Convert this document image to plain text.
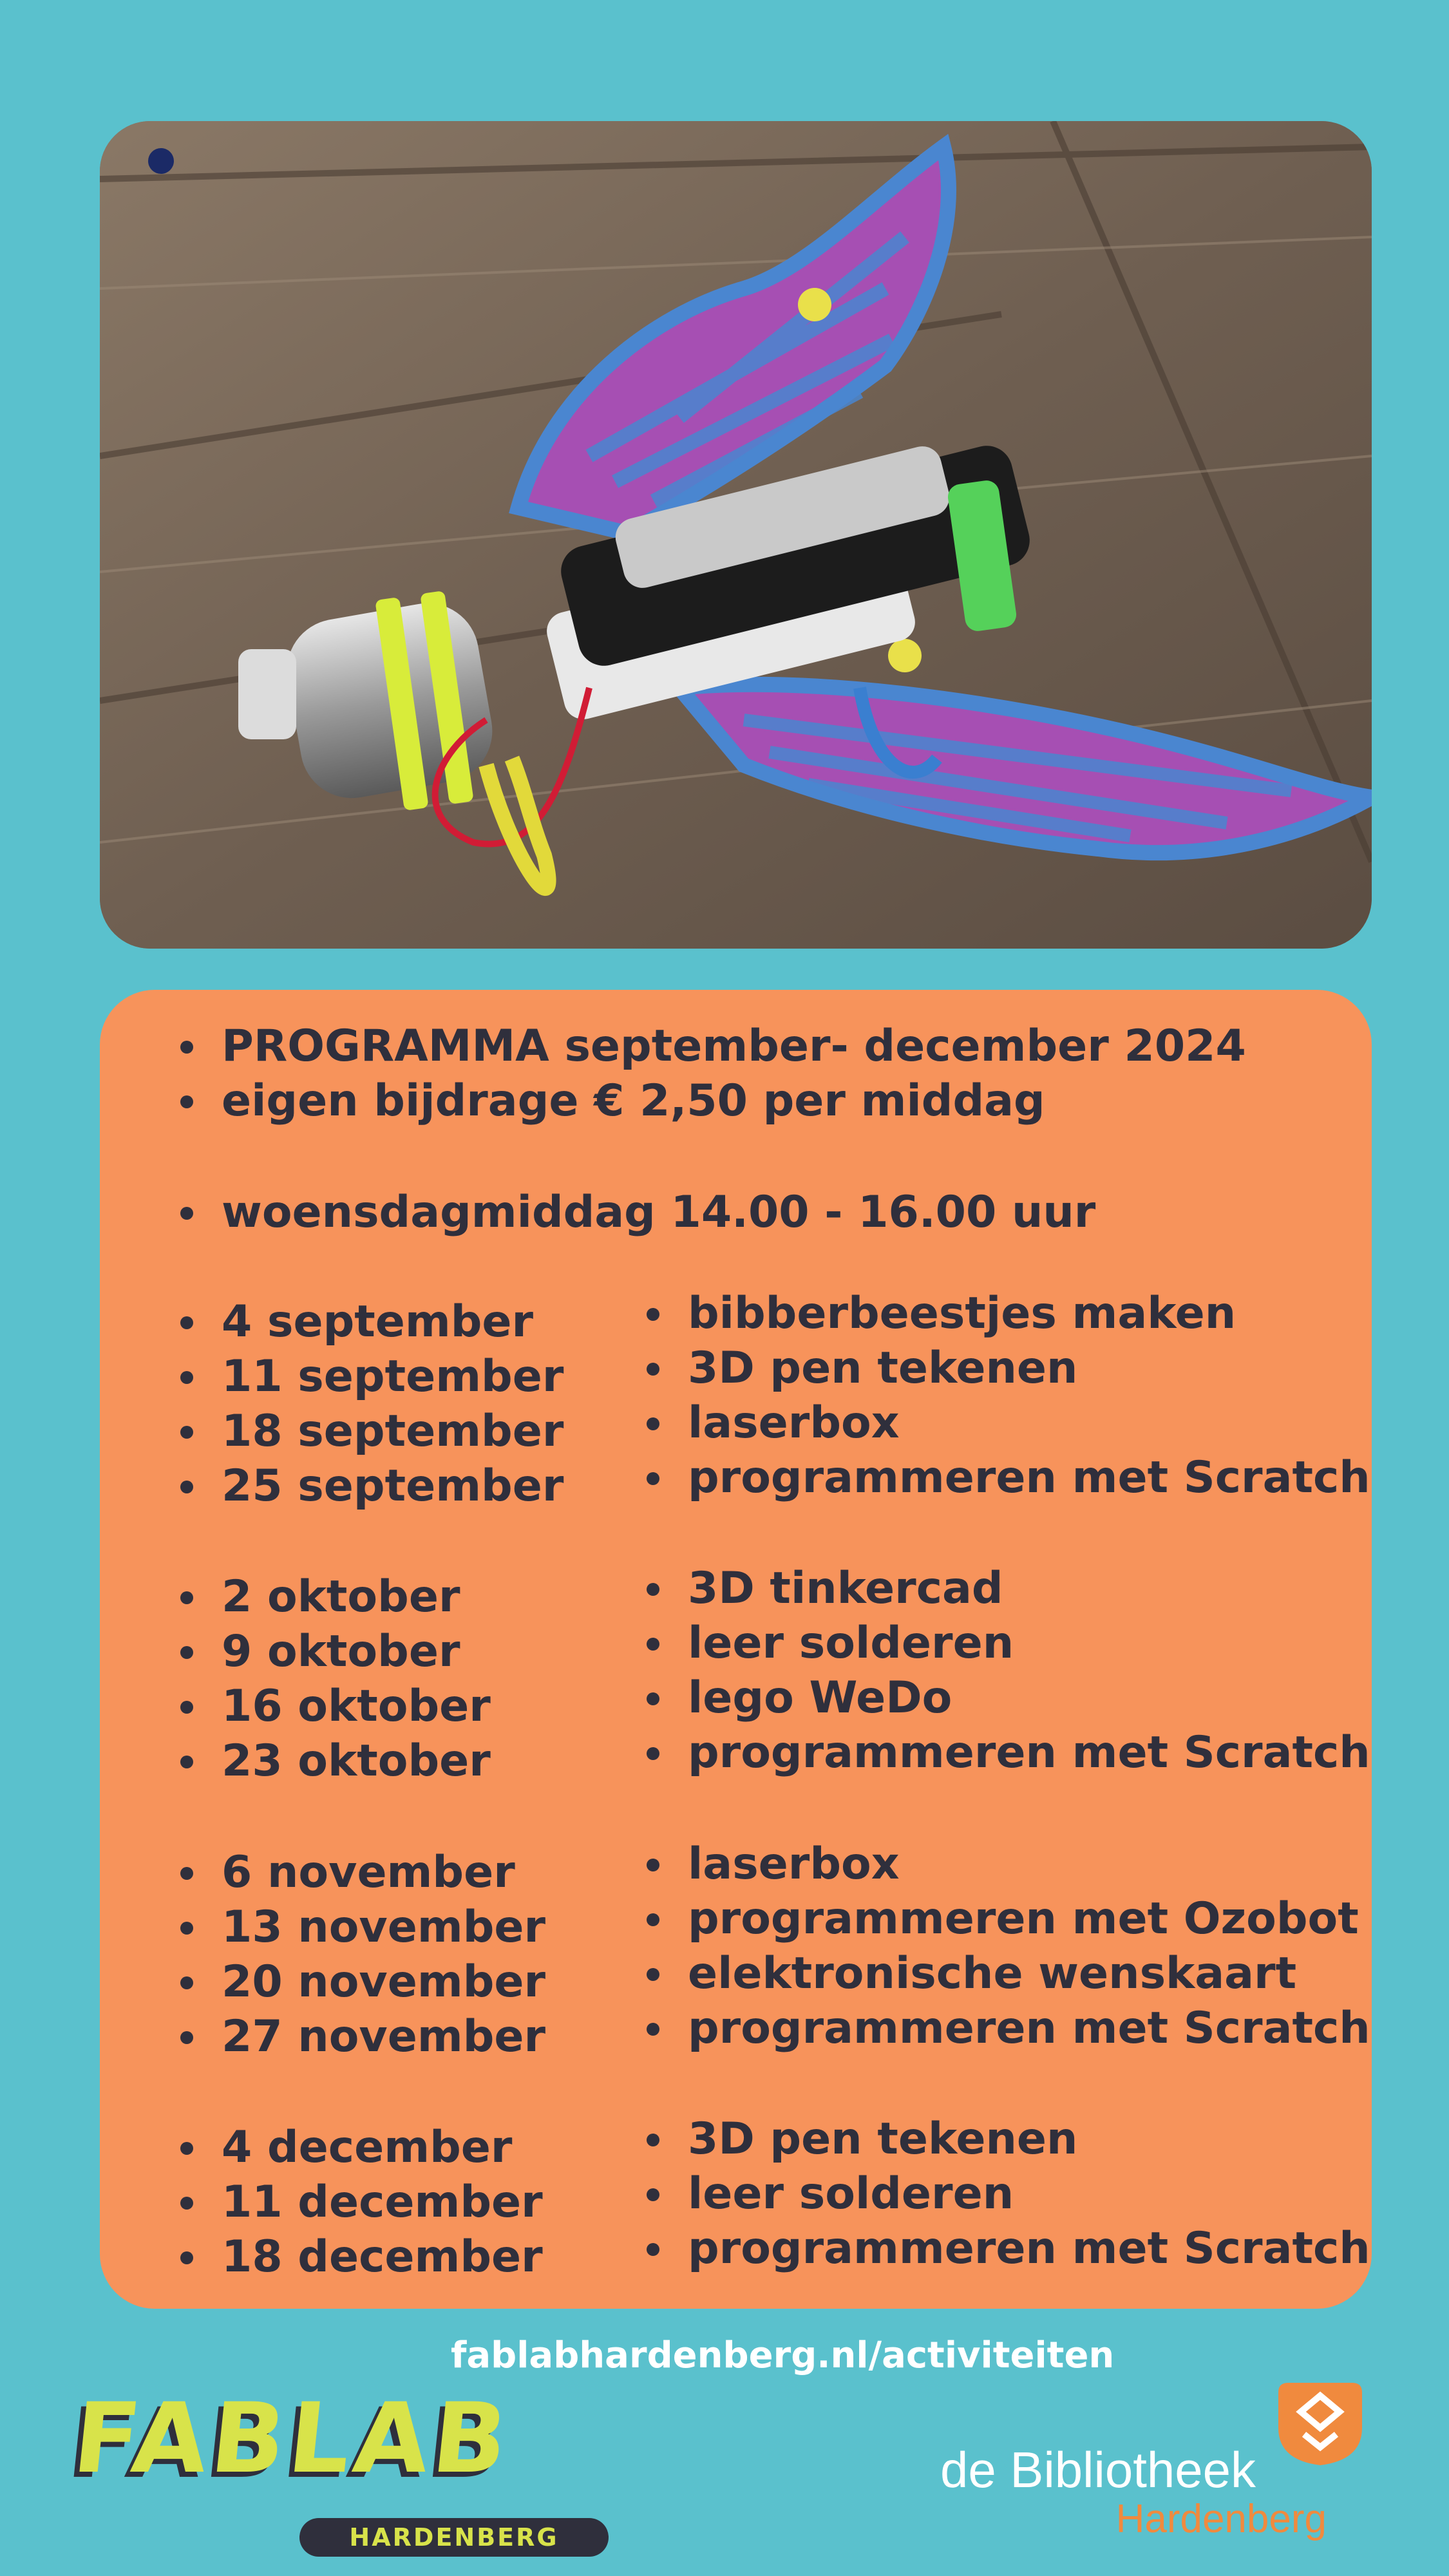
PROGRAMMA september- december 2024
eigen bijdrage € 2,50 per middag
woensdagmiddag 14.00 - 16.00 uur
4 september
11 september
18 september
25 september
bibberbeestjes maken
3D pen tekenen
laserbox
programmeren met Scratch
2 oktober
9 oktober
16 oktober
23 oktober
3D tinkercad
leer solderen
lego WeDo
programmeren met Scratch
6 november
13 november
20 november
27 november
laserbox
programmeren met Ozobot
elektronische wenskaart
programmeren met Scratch
4 december
11 december
18 december
3D pen tekenen
leer solderen
programmeren met Scratch
fablabhardenberg.nl/activiteiten
FABLAB
HARDENBERG
de Bibliotheek
Hardenberg
